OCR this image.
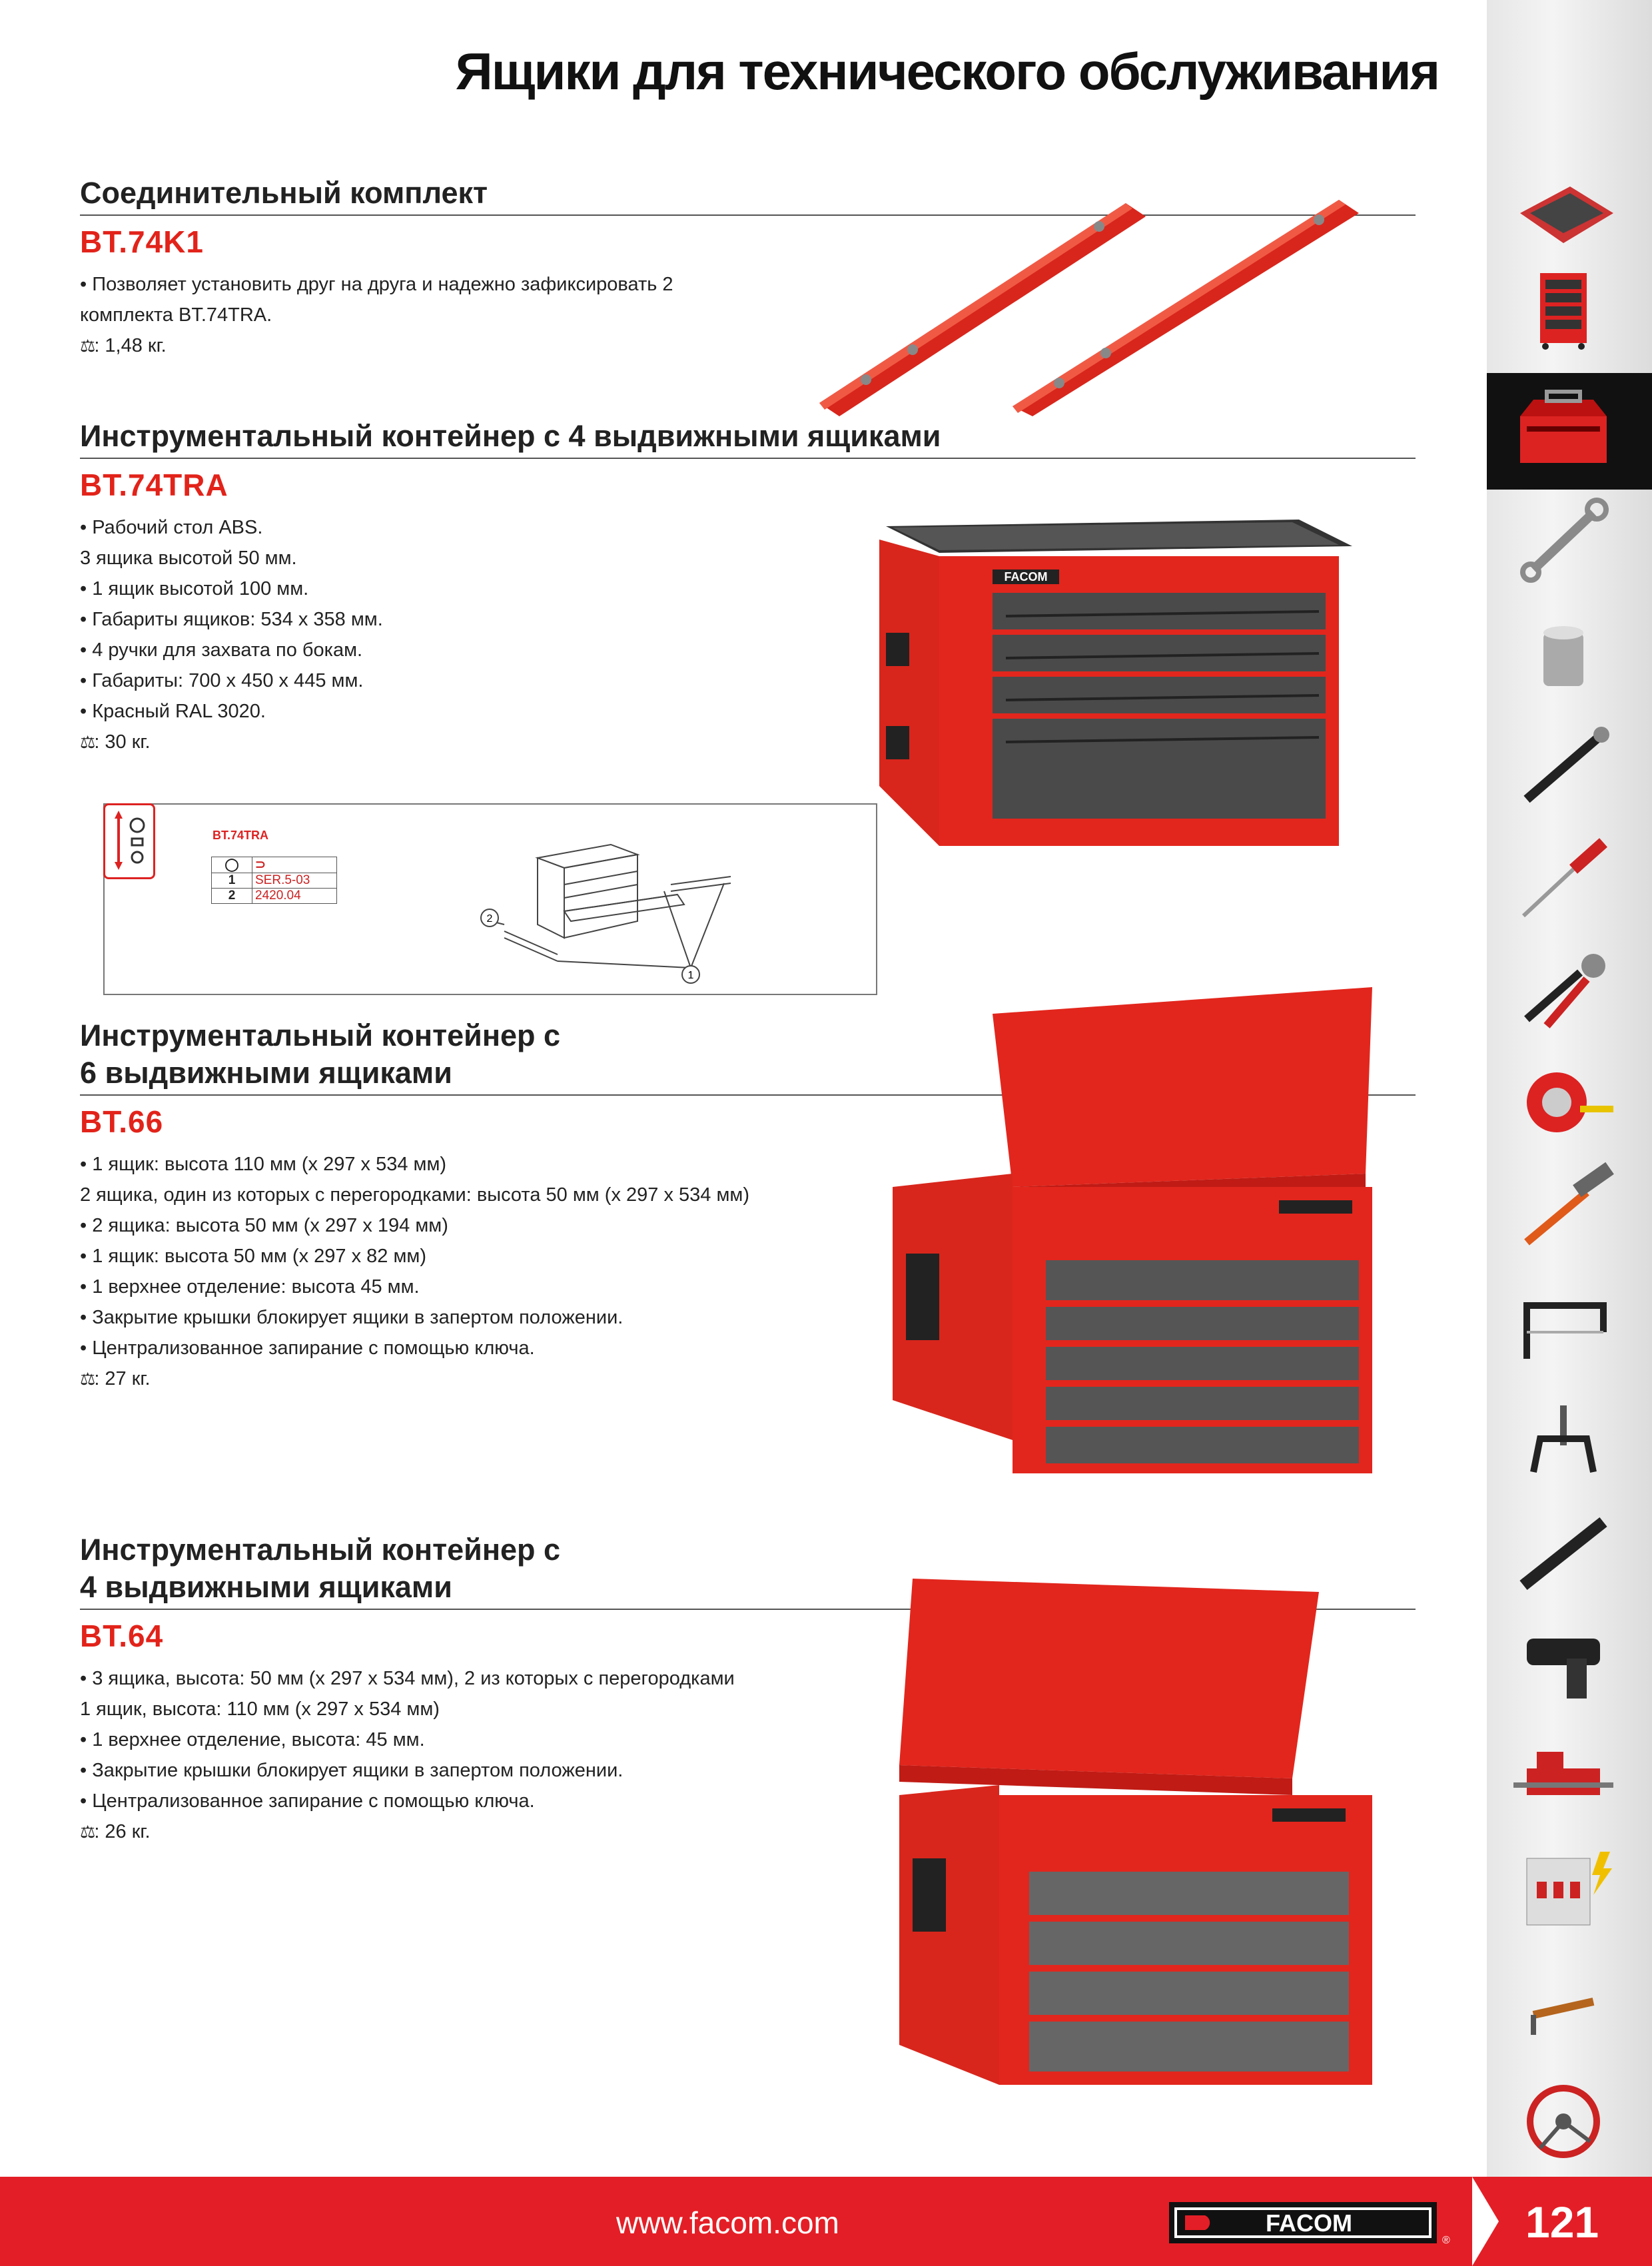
Ящики для технического обслуживания
Соединительный комплект
BT.74K1
• Позволяет установить друг на друга и надежно зафиксировать 2
комплекта BT.74TRA.
⚖: 1,48 кг.
Инструментальный контейнер с 4 выдвижными ящиками
BT.74TRA
• Рабочий стол ABS.
3 ящика высотой 50 мм.
• 1 ящик высотой 100 мм.
• Габариты ящиков: 534 x 358 мм.
• 4 ручки для захвата по бокам.
• Габариты: 700 x 450 x 445 мм.
• Красный RAL 3020.
⚖: 30 кг.
BT.74TRA
◯	⊃
1	SER.5-03
2	2420.04
1
2
Инструментальный контейнер с
6 выдвижными ящиками
BT.66
• 1 ящик: высота 110 мм (x 297 x 534 мм)
2 ящика, один из которых с перегородками: высота 50 мм (x 297 x 534 мм)
• 2 ящика: высота 50 мм (x 297 x 194 мм)
• 1 ящик: высота 50 мм (x 297 x 82 мм)
• 1 верхнее отделение: высота 45 мм.
• Закрытие крышки блокирует ящики в запертом положении.
• Централизованное запирание с помощью ключа.
⚖: 27 кг.
Инструментальный контейнер с
4 выдвижными ящиками
BT.64
• 3 ящика, высота: 50 мм (x 297 x 534 мм), 2 из которых с перегородками
1 ящик, высота: 110 мм (x 297 x 534 мм)
• 1 верхнее отделение, высота: 45 мм.
• Закрытие крышки блокирует ящики в запертом положении.
• Централизованное запирание с помощью ключа.
⚖: 26 кг.
FACOM
www.facom.com	FACOM
® 121
